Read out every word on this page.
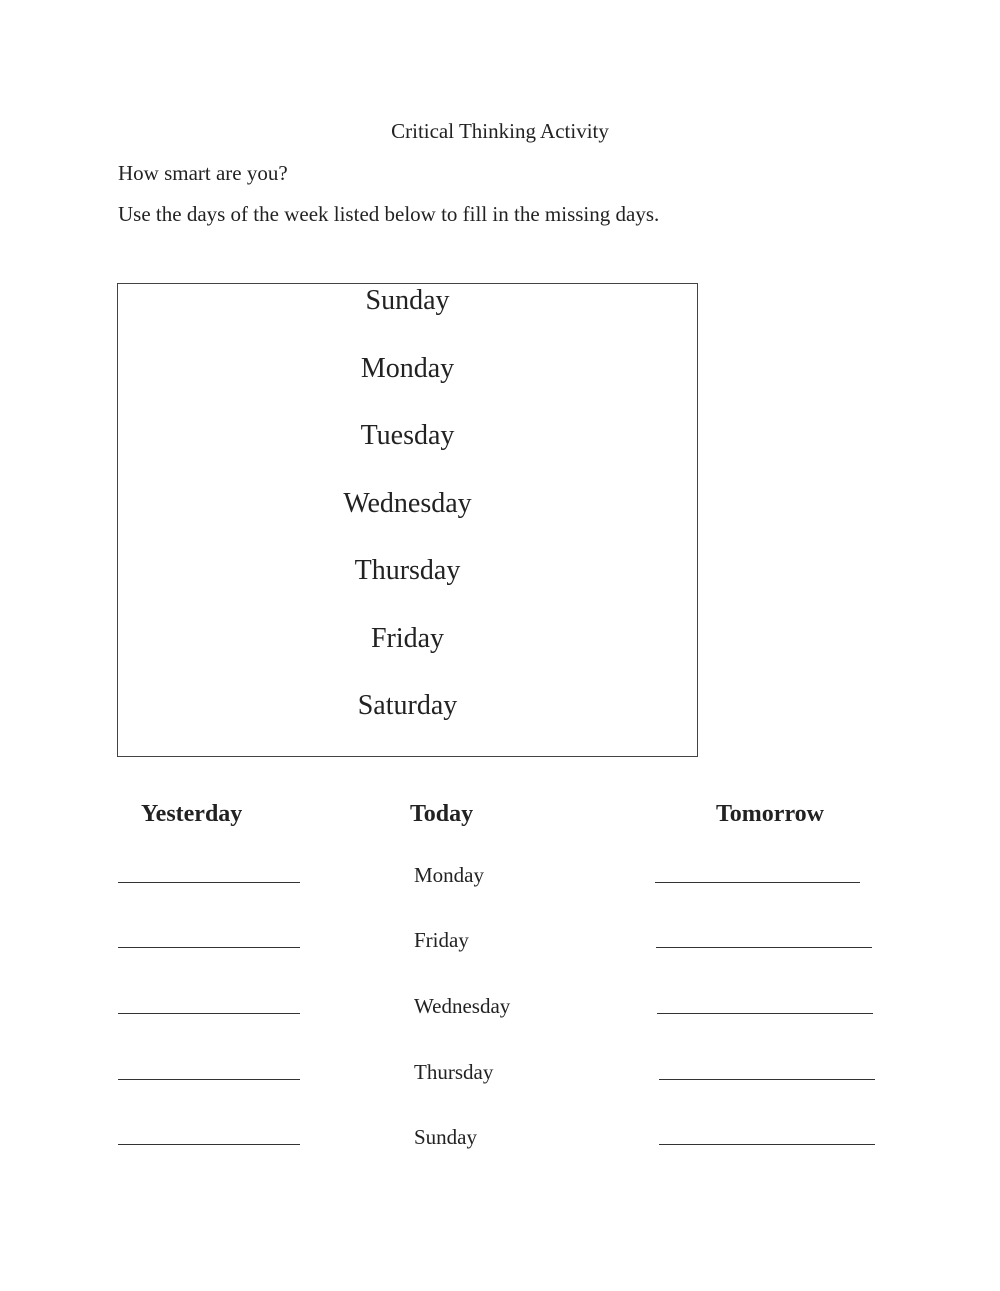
Critical Thinking Activity
How smart are you?
Use the days of the week listed below to fill in the missing days.
Sunday
Monday
Tuesday
Wednesday
Thursday
Friday
Saturday
Yesterday	Today	Tomorrow
Monday
Friday
Wednesday
Thursday
Sunday
